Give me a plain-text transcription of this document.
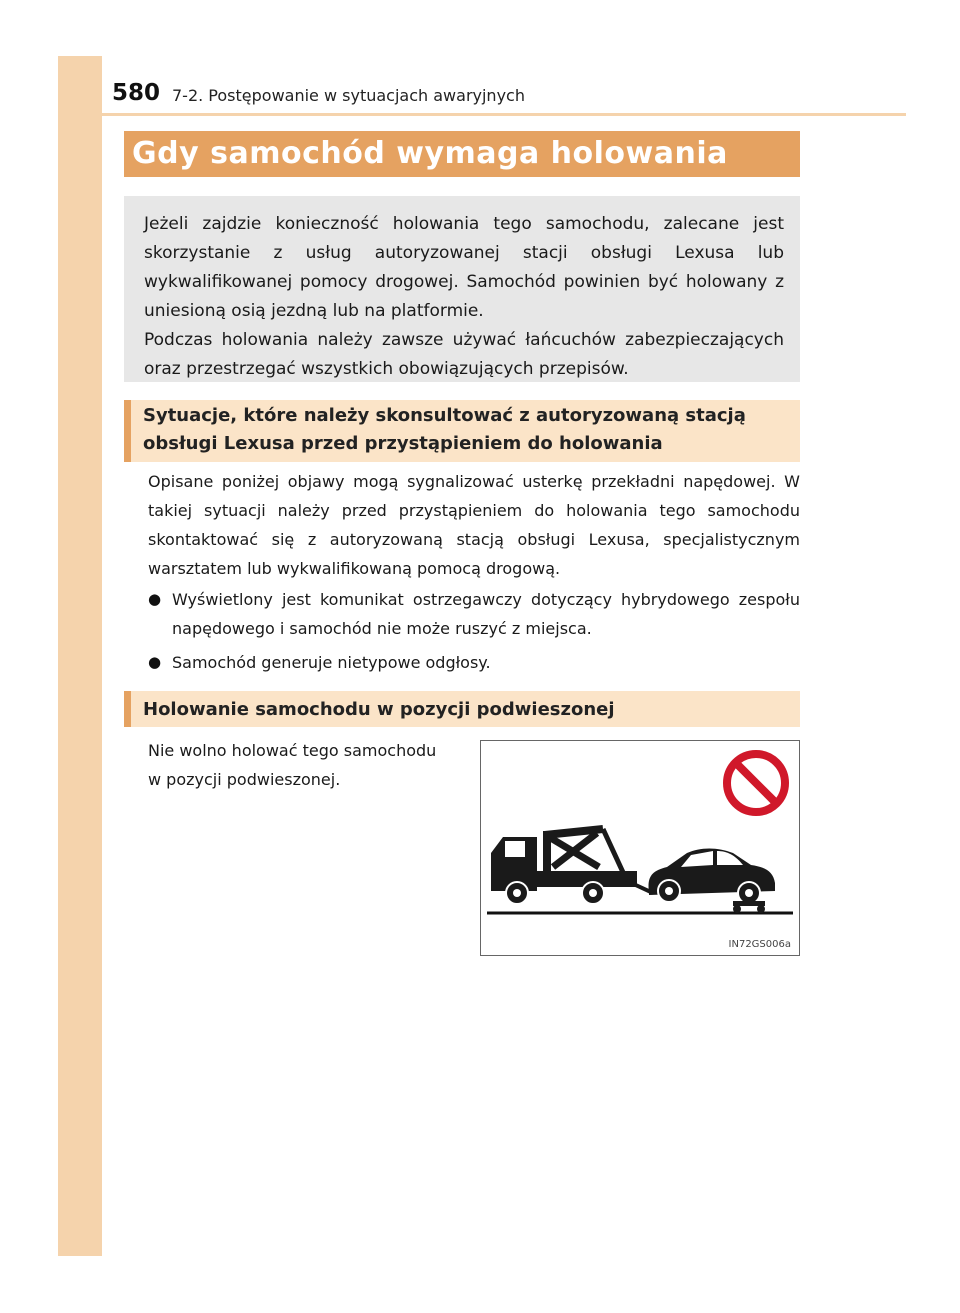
580 7-2. Postępowanie w sytuacjach awaryjnych
Gdy samochód wymaga holowania

Jeżeli zajdzie konieczność holowania tego samochodu, zalecane jest skorzystanie z usług autoryzowanej stacji obsługi Lexusa lub wykwalifikowanej pomocy drogowej. Samochód powinien być holowany z uniesioną osią jezdną lub na platformie.

Podczas holowania należy zawsze używać łańcuchów zabezpieczających oraz przestrzegać wszystkich obowiązujących przepisów.

Sytuacje, które należy skonsultować z autoryzowaną stacją obsługi Lexusa przed przystąpieniem do holowania

Opisane poniżej objawy mogą sygnalizować usterkę przekładni napędowej. W takiej sytuacji należy przed przystąpieniem do holowania tego samochodu skontaktować się z autoryzowaną stacją obsługi Lexusa, specjalistycznym warsztatem lub wykwalifikowaną pomocą drogową.

● Wyświetlony jest komunikat ostrzegawczy dotyczący hybrydowego zespołu napędowego i samochód nie może ruszyć z miejsca.
● Samochód generuje nietypowe odgłosy.
Holowanie samochodu w pozycji podwieszonej

Nie wolno holować tego samochodu w pozycji podwieszonej.

IN72GS006a
